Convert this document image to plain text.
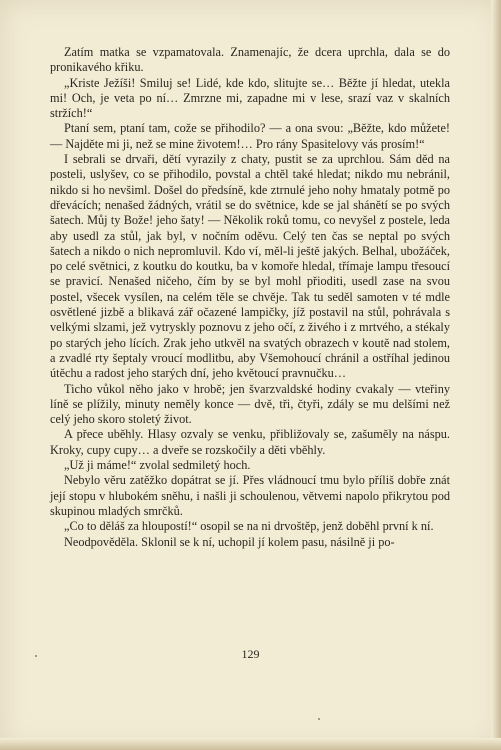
Zatím matka se vzpamatovala. Znamenajíc, že dcera uprchla, dala se do pronikavého křiku.

„Kriste Ježíši! Smiluj se! Lidé, kde kdo, slitujte se… Běžte jí hledat, utekla mi! Och, je veta po ní… Zmrzne mi, zapadne mi v lese, srazí vaz v skalních stržích!“

Ptaní sem, ptaní tam, cože se přihodilo? — a ona svou: „Běžte, kdo můžete! — Najděte mi ji, než se mine životem!… Pro rány Spasitelovy vás prosím!“

I sebrali se drvaři, dětí vyrazily z chaty, pustit se za uprchlou. Sám děd na posteli, uslyšev, co se přihodilo, povstal a chtěl také hledat; nikdo mu nebránil, nikdo si ho nevšiml. Došel do předsíně, kde ztrnulé jeho nohy hmataly potmě po dřevácích; nenašed žádných, vrátil se do světnice, kde se jal shánětí se po svých šatech. Můj ty Bože! jeho šaty! — Několik roků tomu, co nevyšel z postele, leda aby usedl za stůl, jak byl, v nočním oděvu. Celý ten čas se neptal po svých šatech a nikdo o nich nepromluvil. Kdo ví, měl-li ještě jakých. Belhal, ubožáček, po celé světnici, z koutku do koutku, ba v komoře hledal, třímaje lampu třesoucí se pravicí. Nenašed ničeho, čím by se byl mohl přioditi, usedl zase na svou postel, všecek vysílen, na celém těle se chvěje. Tak tu seděl samoten v té mdle osvětlené jizbě a blikavá zář očazené lampičky, jíž postavil na stůl, pohrávala s velkými slzami, jež vytryskly poznovu z jeho očí, z živého i z mrtvého, a stékaly po starých jeho lících. Zrak jeho utkvěl na svatých obrazech v koutě nad stolem, a zvadlé rty šeptaly vroucí modlitbu, aby Všemohoucí chránil a ostříhal jedinou útěchu a radost jeho starých dní, jeho květoucí pravnučku…

Ticho vůkol něho jako v hrobě; jen švarzvaldské hodiny cvakaly — vteřiny líně se plížily, minuty neměly konce — dvě, tři, čtyři, zdály se mu delšími než celý jeho skoro stoletý život.

A přece uběhly. Hlasy ozvaly se venku, přibližovaly se, zašuměly na náspu. Kroky, cupy cupy… a dveře se rozskočily a děti vběhly.

„Už ji máme!“ zvolal sedmiletý hoch.

Nebylo věru zatěžko dopátrat se jí. Přes vládnoucí tmu bylo příliš dobře znát její stopu v hlubokém sněhu, i našli ji schoulenou, větvemi napolo přikrytou pod skupinou mladých smrčků.

„Co to děláš za hloupostí!“ osopil se na ni drvoštěp, jenž doběhl první k ní.

Neodpověděla. Sklonil se k ní, uchopil jí kolem pasu, násilně ji po-

129
